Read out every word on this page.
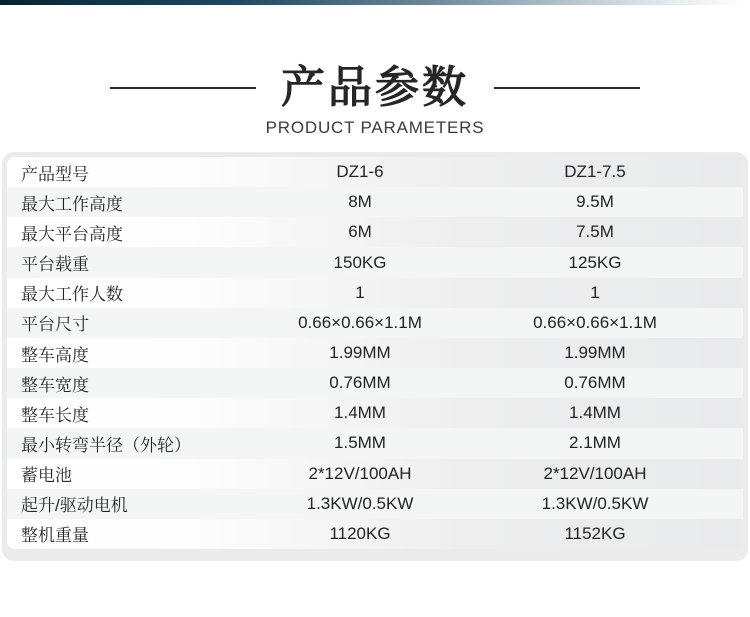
产品参数
PRODUCT PARAMETERS
产品型号	DZ1-6	DZ1-7.5
最大工作高度	8M	9.5M
最大平台高度	6M	7.5M
平台载重	150KG	125KG
最大工作人数	1	1
平台尺寸	0.66×0.66×1.1M	0.66×0.66×1.1M
整车高度	1.99MM	1.99MM
整车宽度	0.76MM	0.76MM
整车长度	1.4MM	1.4MM
最小转弯半径（外轮）	1.5MM	2.1MM
蓄电池	2*12V/100AH	2*12V/100AH
起升/驱动电机	1.3KW/0.5KW	1.3KW/0.5KW
整机重量	1120KG	1152KG
